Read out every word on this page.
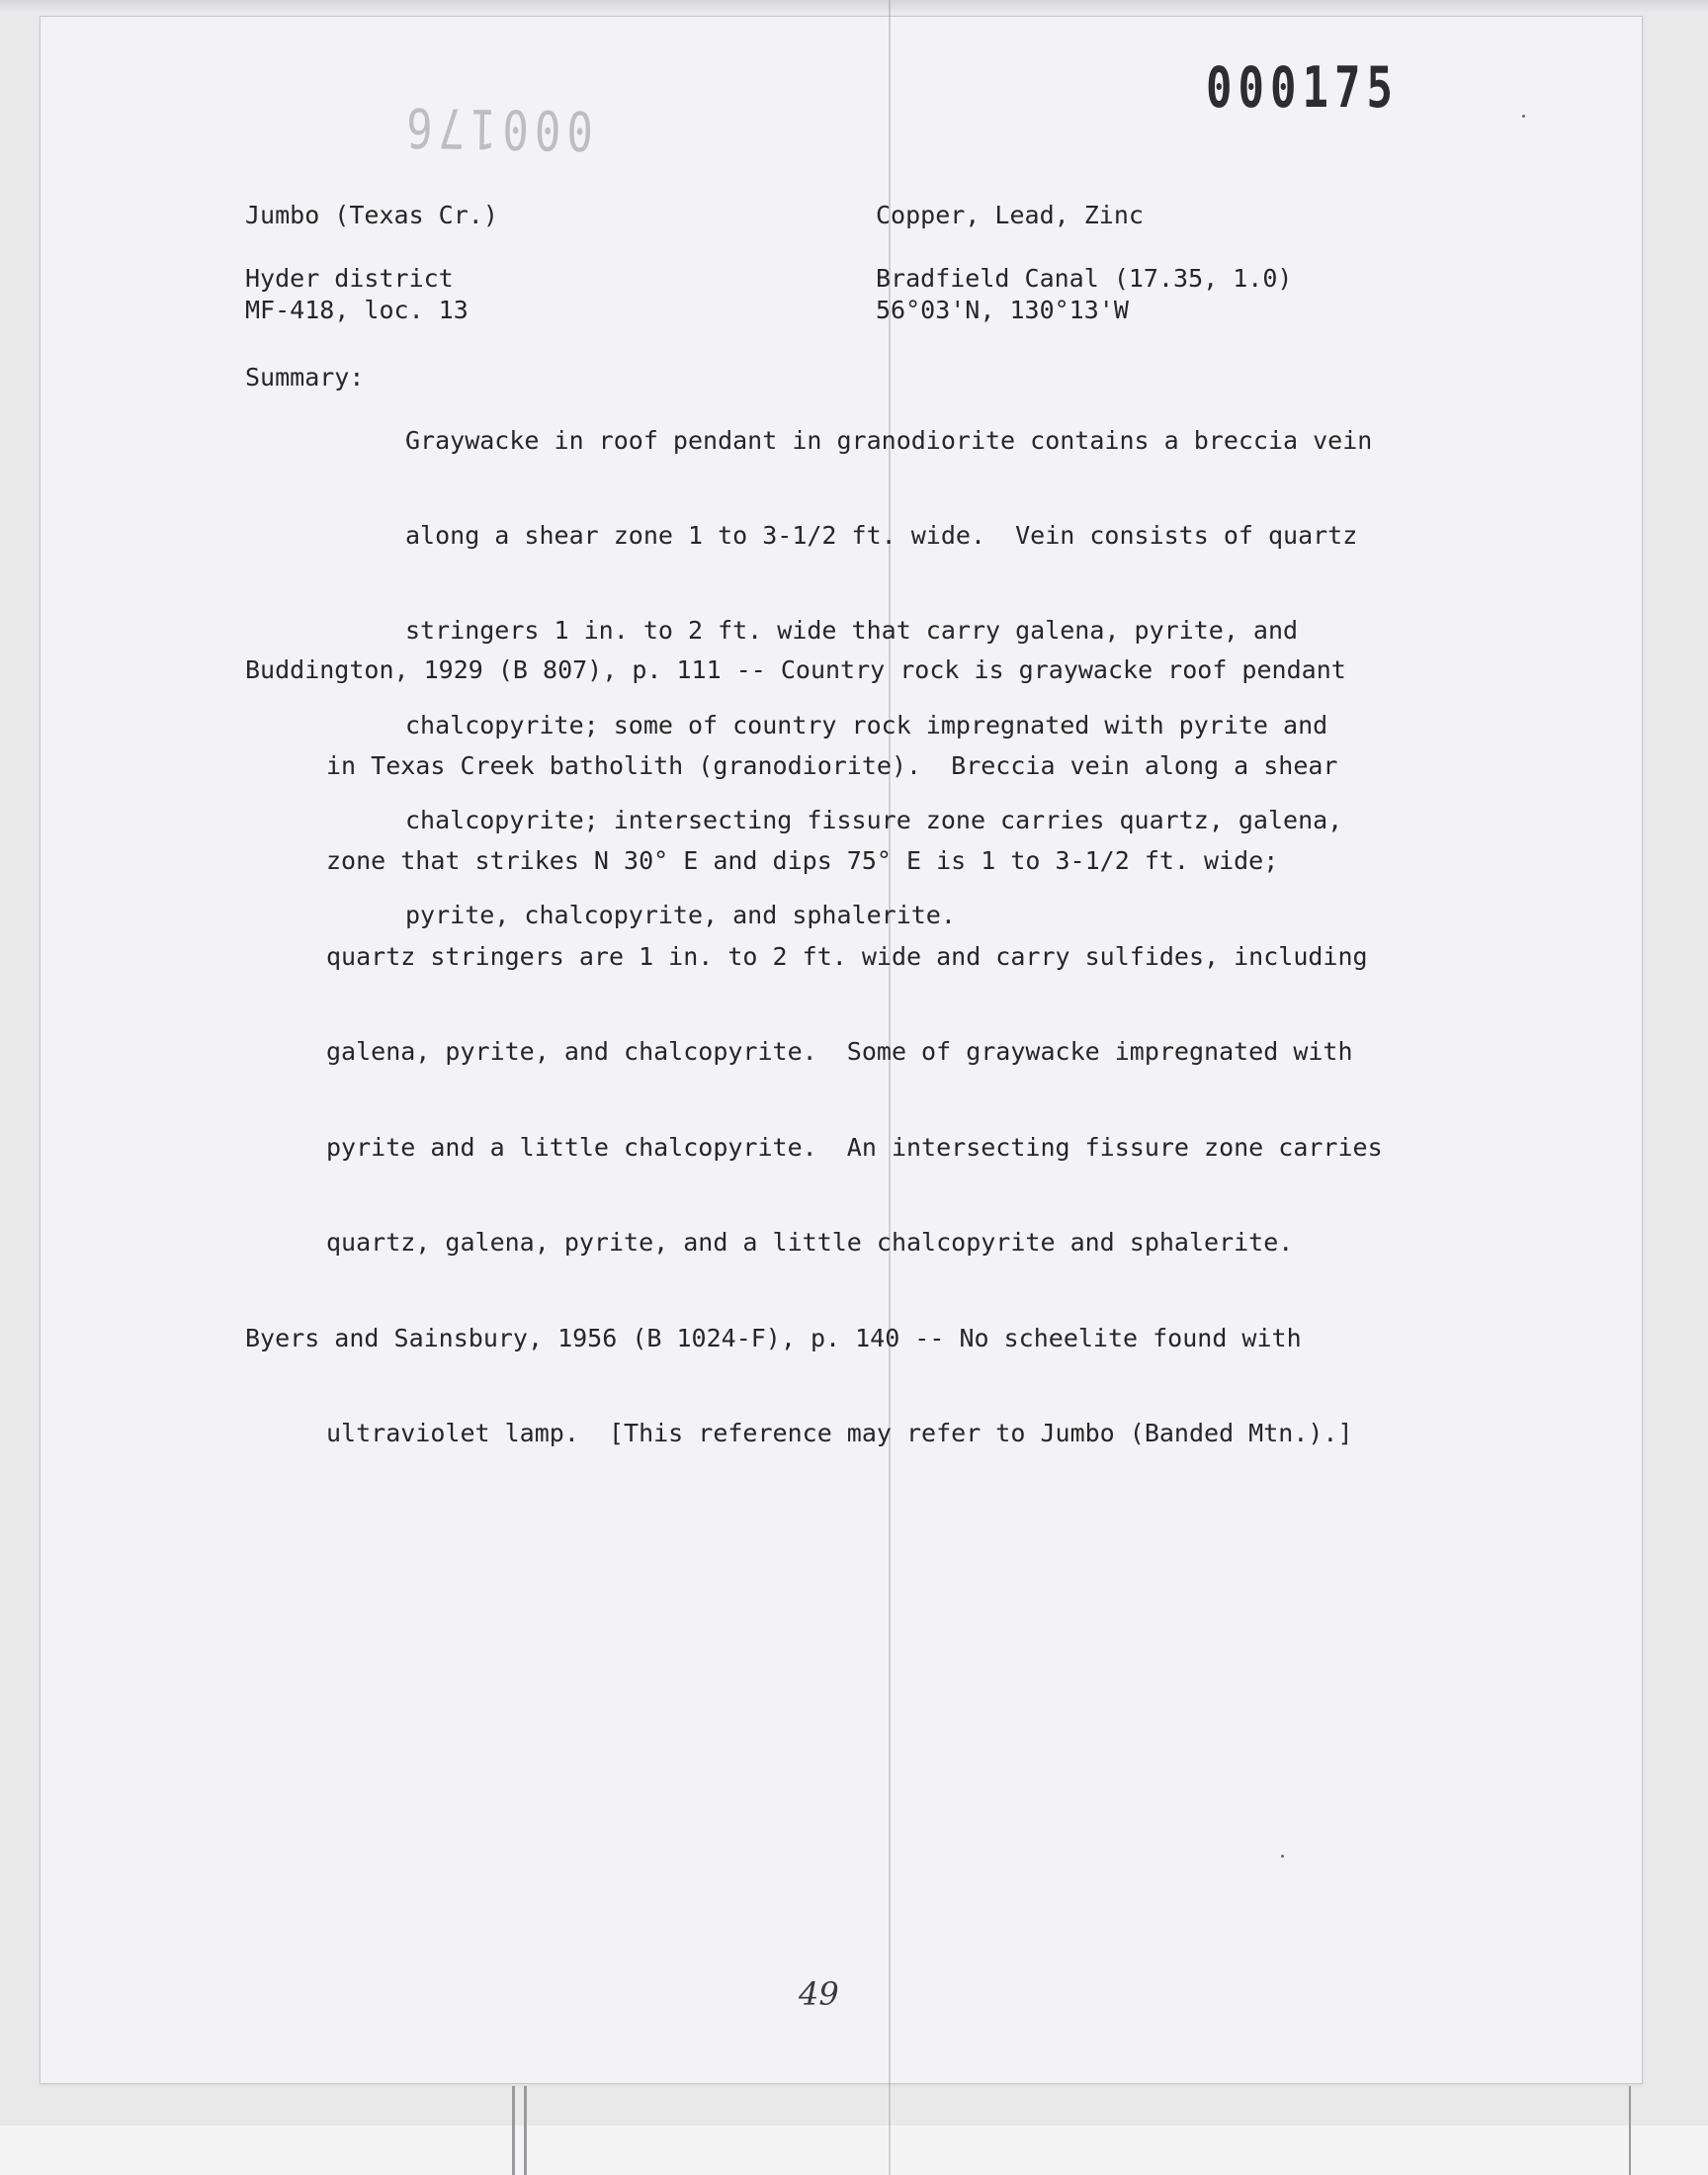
000175
000176
Jumbo (Texas Cr.)	Copper, Lead, Zinc
Hyder district	Bradfield Canal (17.35, 1.0)
MF-418, loc. 13	56°03'N, 130°13'W
Summary:

Graywacke in roof pendant in granodiorite contains a breccia vein

along a shear zone 1 to 3-1/2 ft. wide.  Vein consists of quartz

stringers 1 in. to 2 ft. wide that carry galena, pyrite, and

chalcopyrite; some of country rock impregnated with pyrite and

chalcopyrite; intersecting fissure zone carries quartz, galena,

pyrite, chalcopyrite, and sphalerite.

Buddington, 1929 (B 807), p. 111 -- Country rock is graywacke roof pendant

in Texas Creek batholith (granodiorite).  Breccia vein along a shear

zone that strikes N 30° E and dips 75° E is 1 to 3-1/2 ft. wide;

quartz stringers are 1 in. to 2 ft. wide and carry sulfides, including

galena, pyrite, and chalcopyrite.  Some of graywacke impregnated with

pyrite and a little chalcopyrite.  An intersecting fissure zone carries

quartz, galena, pyrite, and a little chalcopyrite and sphalerite.

Byers and Sainsbury, 1956 (B 1024-F), p. 140 -- No scheelite found with

ultraviolet lamp.  [This reference may refer to Jumbo (Banded Mtn.).]

49
